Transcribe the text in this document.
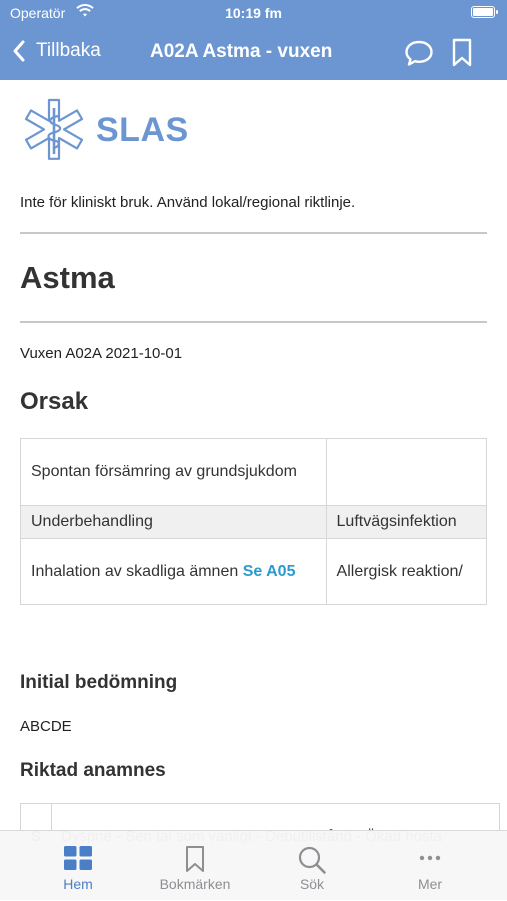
Operatör	10:19 fm
Tillbaka	A02A Astma - vuxen
SLAS
Inte för kliniskt bruk. Använd lokal/regional riktlinje.
Astma
Vuxen A02A 2021-10-01
Orsak
Spontan försämring av grundsjukdom	
Underbehandling	Luftvägsinfektion
Inhalation av skadliga ämnen Se A05	Allergisk reaktion/
Initial bedömning
ABCDE
Riktad anamnes
Hem	Bokmärken	Sök	Mer
